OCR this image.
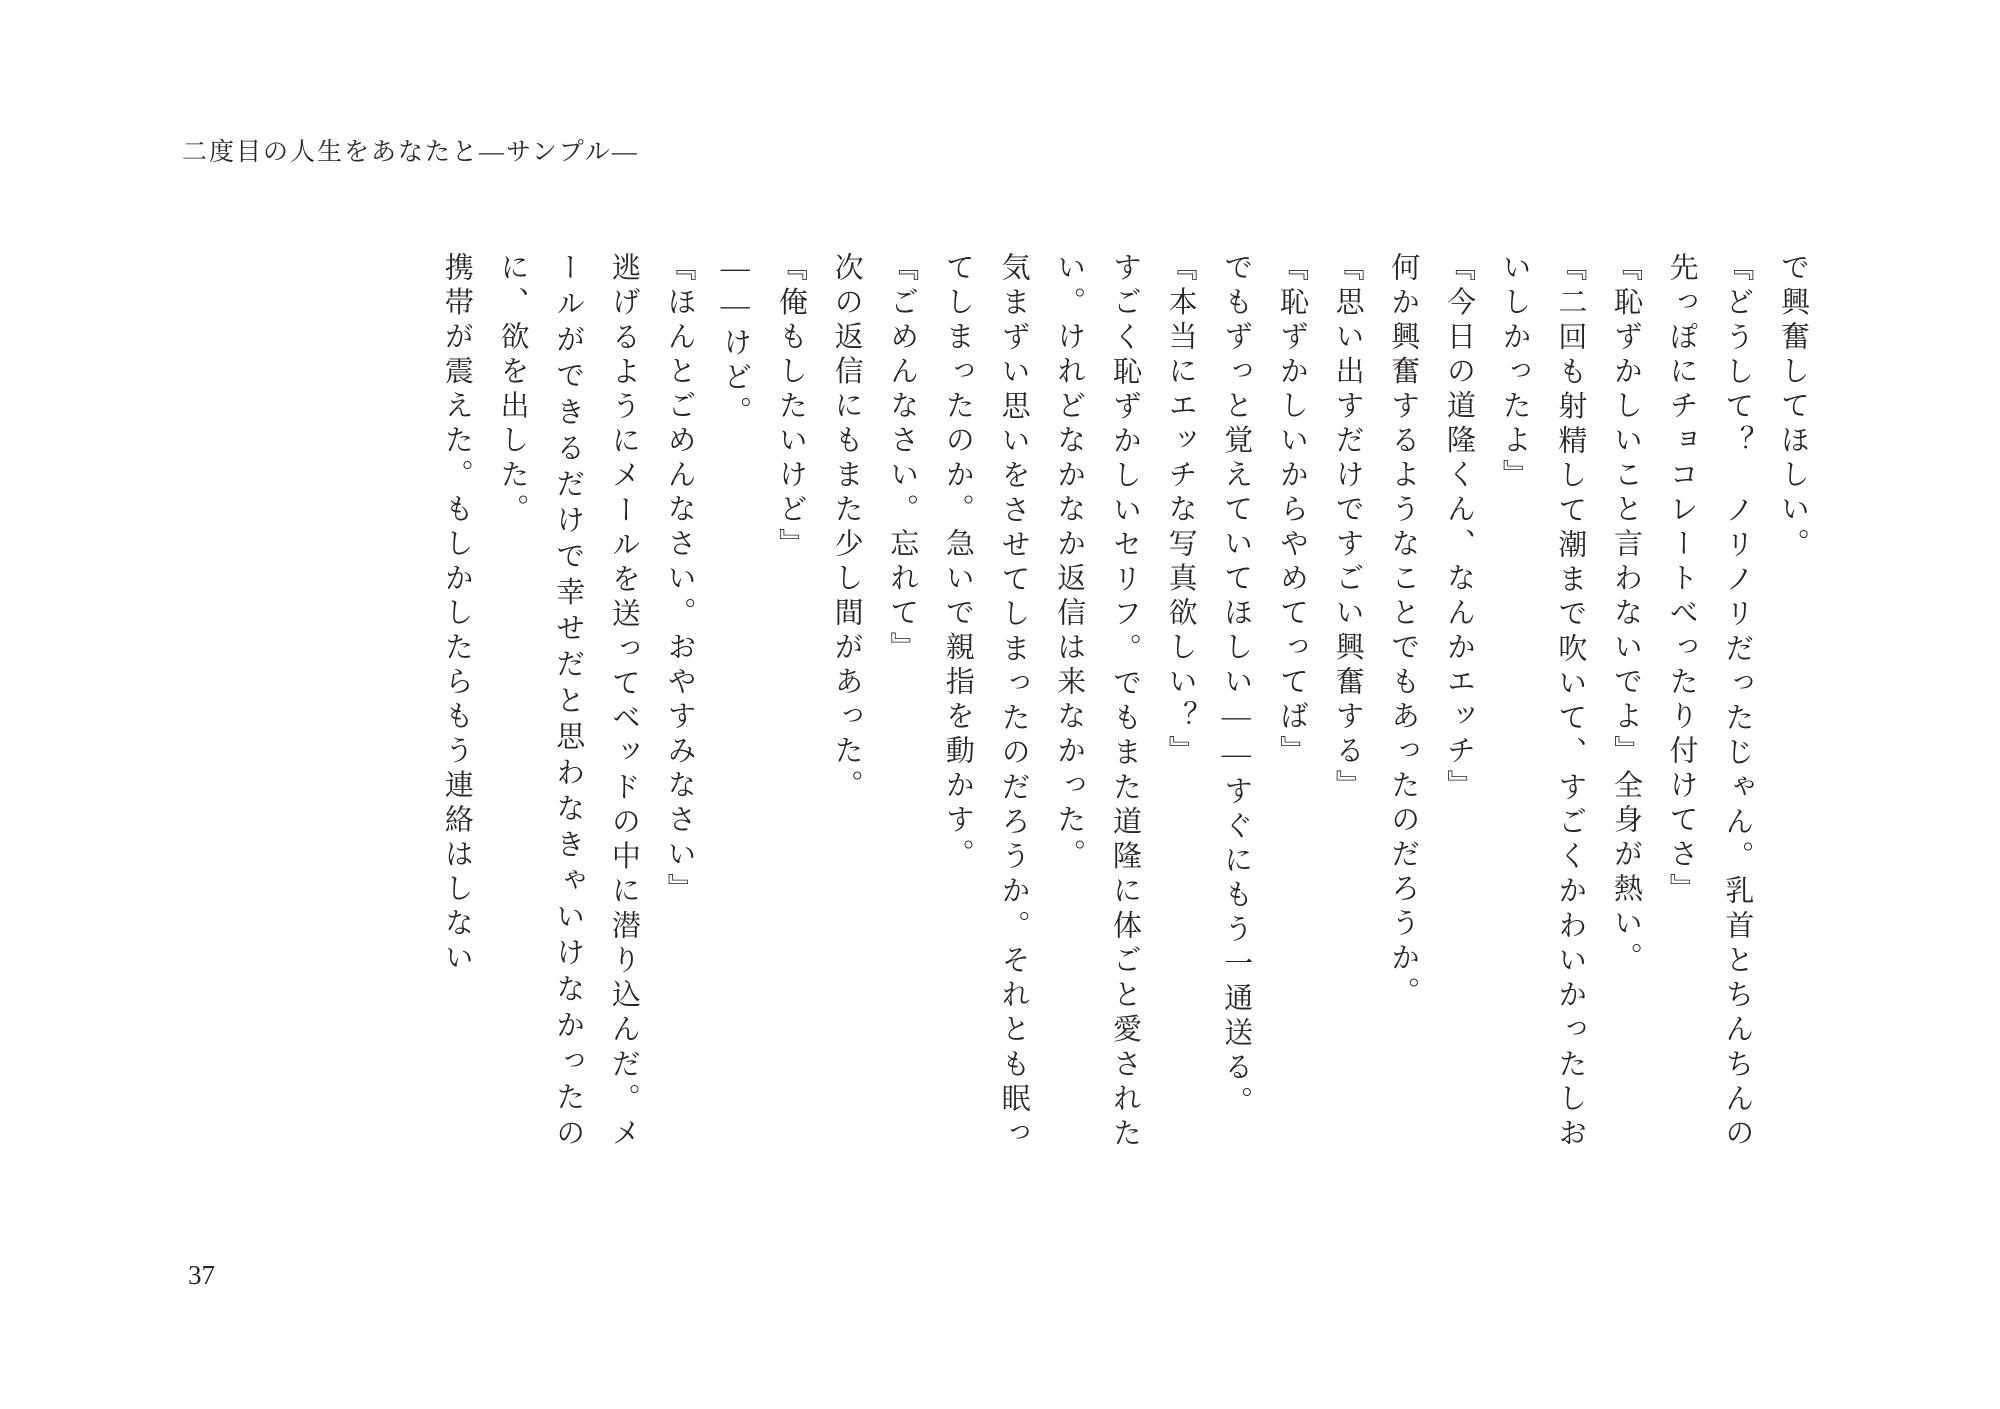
二度目の人生をあなたと―サンプル―

で興奮してほしい。

『どうして？　ノリノリだったじゃん。乳首とちんちんの先っぽにチョコレートべったり付けてさ』

『恥ずかしいこと言わないでよ』全身が熱い。

『二回も射精して潮まで吹いて、すごくかわいかったしおいしかったよ』

『今日の道隆くん、なんかエッチ』

何か興奮するようなことでもあったのだろうか。

『思い出すだけですごい興奮する』

『恥ずかしいからやめてってば』

でもずっと覚えていてほしい――すぐにもう一通送る。

『本当にエッチな写真欲しい？』

すごく恥ずかしいセリフ。でもまた道隆に体ごと愛されたい。けれどなかなか返信は来なかった。

気まずい思いをさせてしまったのだろうか。それとも眠ってしまったのか。急いで親指を動かす。

『ごめんなさい。忘れて』

次の返信にもまた少し間があった。

『俺もしたいけど』

――けど。

『ほんとごめんなさい。おやすみなさい』

逃げるようにメールを送ってベッドの中に潜り込んだ。メールができるだけで幸せだと思わなきゃいけなかったのに、欲を出した。

携帯が震えた。もしかしたらもう連絡はしない

37
